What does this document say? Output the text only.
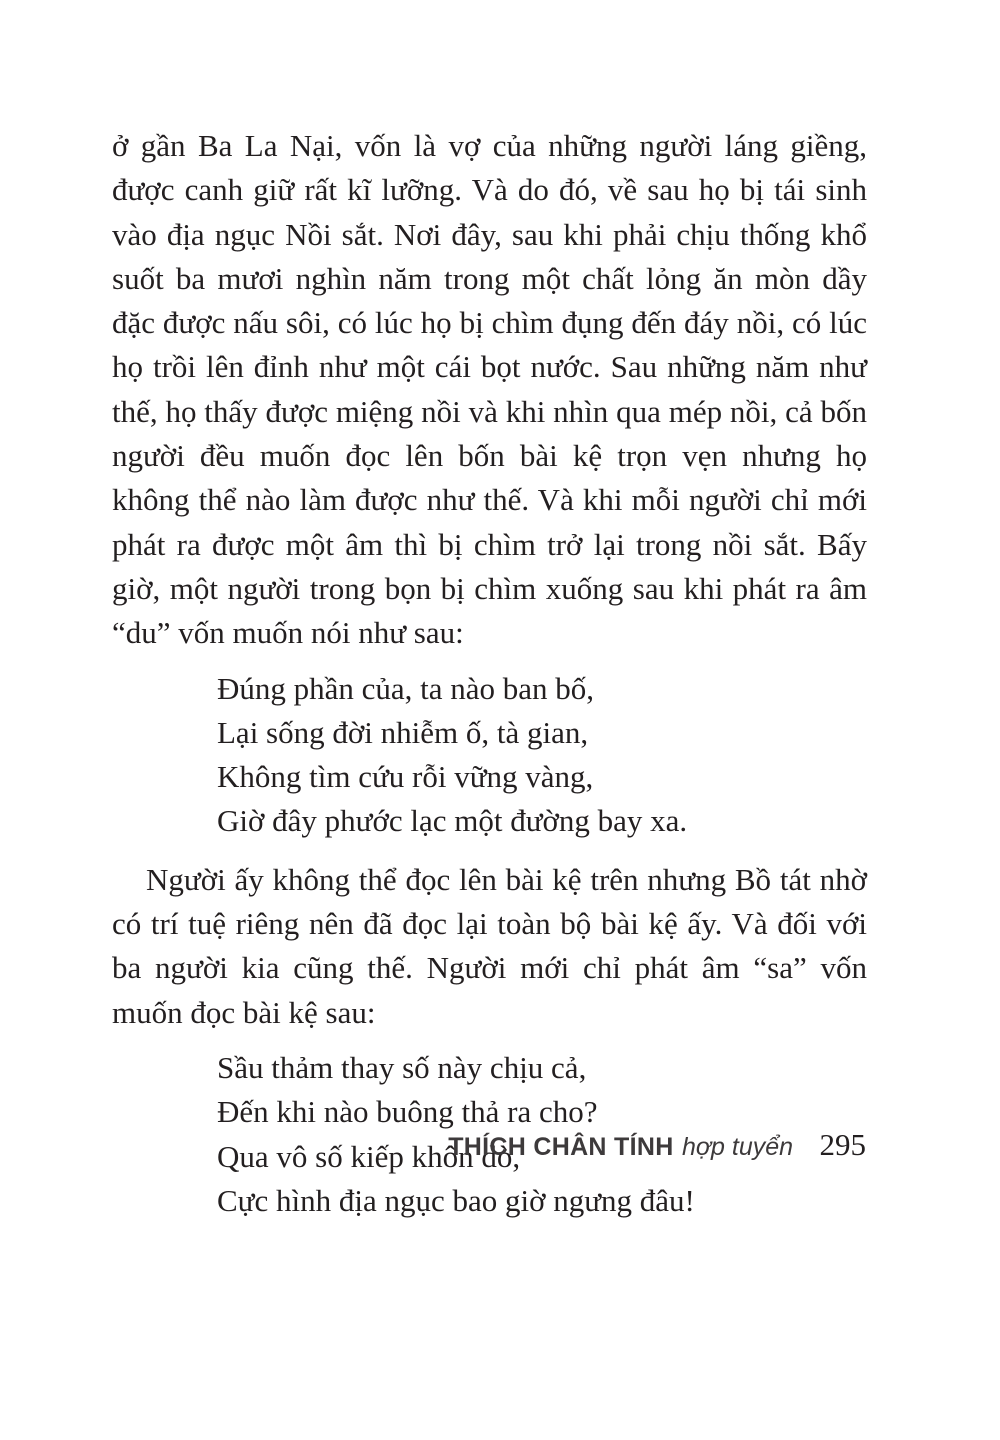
ở gần Ba La Nại, vốn là vợ của những người láng giềng, được canh giữ rất kĩ lưỡng. Và do đó, về sau họ bị tái sinh vào địa ngục Nồi sắt. Nơi đây, sau khi phải chịu thống khổ suốt ba mươi nghìn năm trong một chất lỏng ăn mòn dầy đặc được nấu sôi, có lúc họ bị chìm đụng đến đáy nồi, có lúc họ trồi lên đỉnh như một cái bọt nước. Sau những năm như thế, họ thấy được miệng nồi và khi nhìn qua mép nồi, cả bốn người đều muốn đọc lên bốn bài kệ trọn vẹn nhưng họ không thể nào làm được như thế. Và khi mỗi người chỉ mới phát ra được một âm thì bị chìm trở lại trong nồi sắt. Bấy giờ, một người trong bọn bị chìm xuống sau khi phát ra âm “du” vốn muốn nói như sau:

Đúng phần của, ta nào ban bố,
Lại sống đời nhiễm ố, tà gian,
Không tìm cứu rỗi vững vàng,
Giờ đây phước lạc một đường bay xa.

Người ấy không thể đọc lên bài kệ trên nhưng Bồ tát nhờ có trí tuệ riêng nên đã đọc lại toàn bộ bài kệ ấy. Và đối với ba người kia cũng thế. Người mới chỉ phát âm “sa” vốn muốn đọc bài kệ sau:

Sầu thảm thay số này chịu cả,
Đến khi nào buông thả ra cho?
Qua vô số kiếp khôn dò,
Cực hình địa ngục bao giờ ngưng đâu!
THÍCH CHÂN TÍNH hợp tuyển 295
